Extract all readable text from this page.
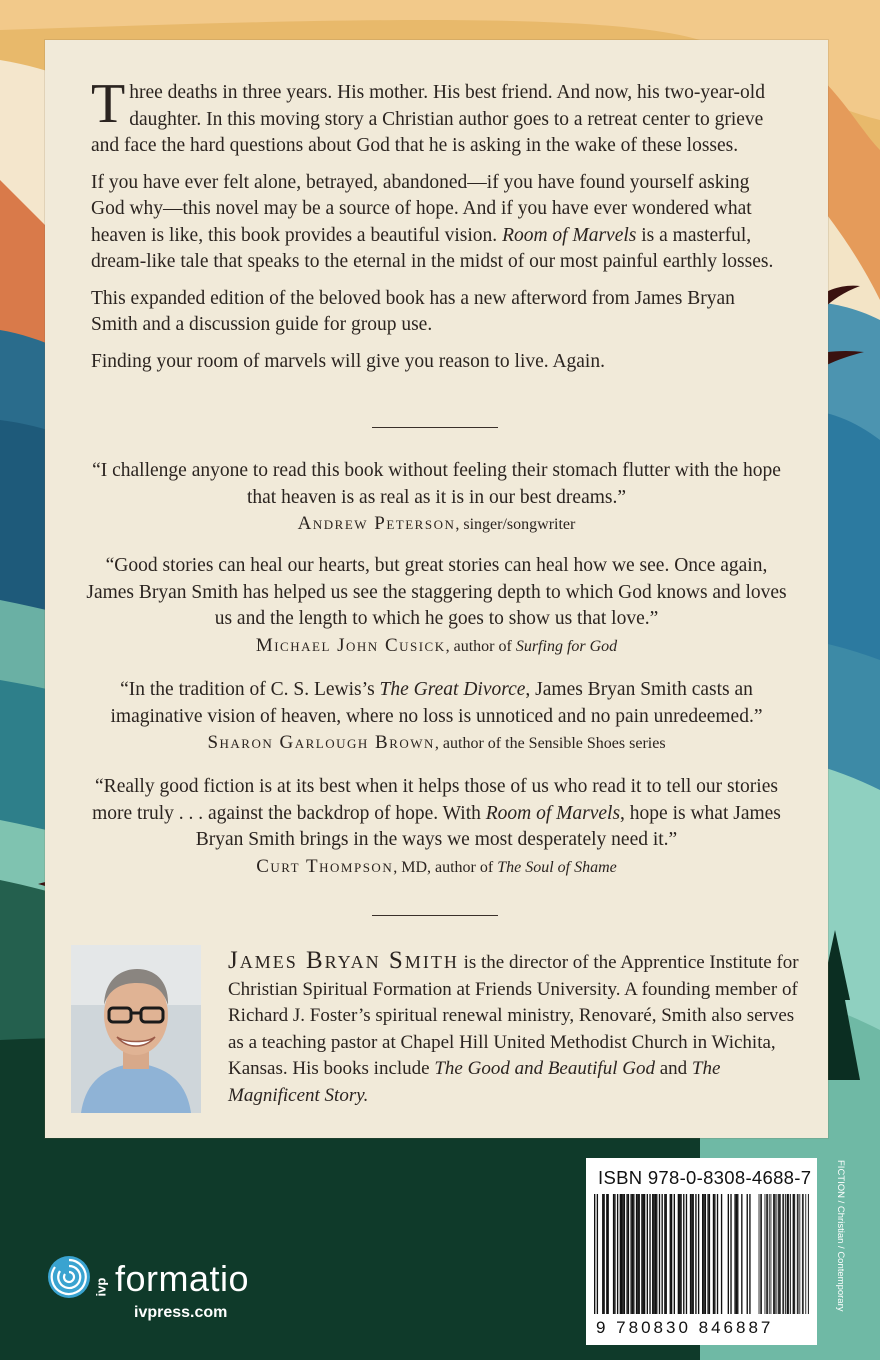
Three deaths in three years. His mother. His best friend. And now, his two-year-old daughter. In this moving story a Christian author goes to a retreat center to grieve and face the hard questions about God that he is asking in the wake of these losses.

If you have ever felt alone, betrayed, abandoned—if you have found yourself asking God why—this novel may be a source of hope. And if you have ever wondered what heaven is like, this book provides a beautiful vision. Room of Marvels is a masterful, dream-like tale that speaks to the eternal in the midst of our most painful earthly losses.

This expanded edition of the beloved book has a new afterword from James Bryan Smith and a discussion guide for group use.

Finding your room of marvels will give you reason to live. Again.

“I challenge anyone to read this book without feeling their stomach flutter with the hope that heaven is as real as it is in our best dreams.”

Andrew Peterson, singer/songwriter

“Good stories can heal our hearts, but great stories can heal how we see. Once again, James Bryan Smith has helped us see the staggering depth to which God knows and loves us and the length to which he goes to show us that love.”

Michael John Cusick, author of Surfing for God

“In the tradition of C. S. Lewis’s The Great Divorce, James Bryan Smith casts an imaginative vision of heaven, where no loss is unnoticed and no pain unredeemed.”

Sharon Garlough Brown, author of the Sensible Shoes series

“Really good fiction is at its best when it helps those of us who read it to tell our stories more truly . . . against the backdrop of hope. With Room of Marvels, hope is what James Bryan Smith brings in the ways we most desperately need it.”

Curt Thompson, MD, author of The Soul of Shame

James Bryan Smith is the director of the Apprentice Institute for Christian Spiritual Formation at Friends University. A founding member of Richard J. Foster’s spiritual renewal ministry, Renovaré, Smith also serves as a teaching pastor at Chapel Hill United Methodist Church in Wichita, Kansas. His books include The Good and Beautiful God and The Magnificent Story.
ISBN 978-0-8308-4688-7
9 780830 846887
FICTION / Christian / Contemporary
ivp formatio
ivpress.com
